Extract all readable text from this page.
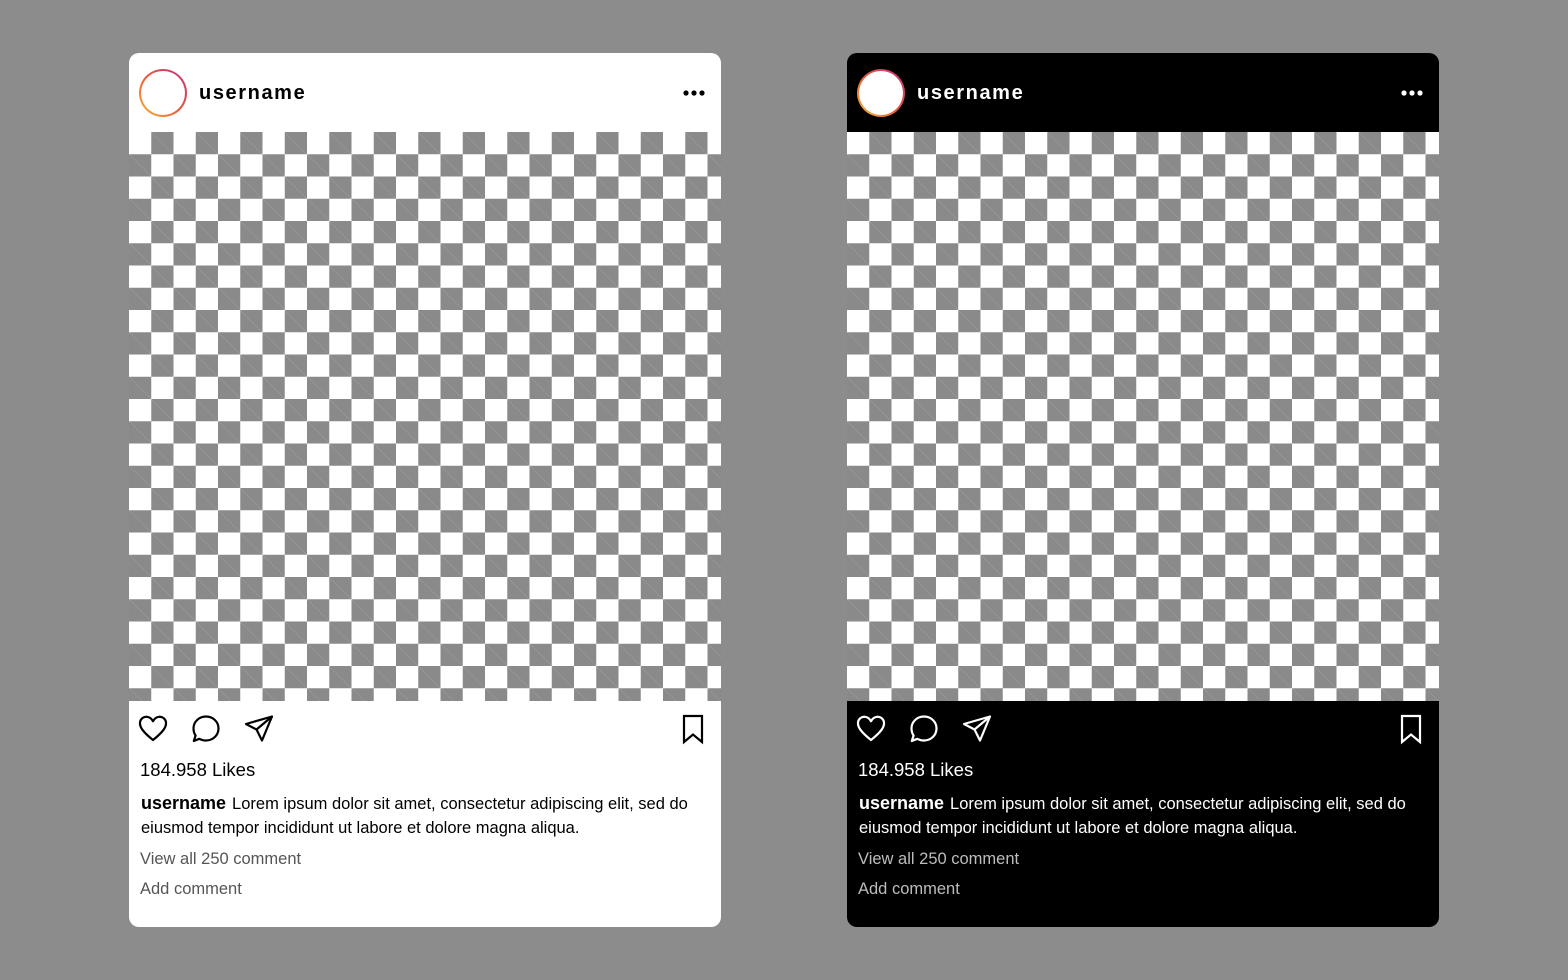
username
184.958 Likes
username Lorem ipsum dolor sit amet, consectetur adipiscing elit, sed do eiusmod tempor incididunt ut labore et dolore magna aliqua.
View all 250 comment
Add comment
username
184.958 Likes
username Lorem ipsum dolor sit amet, consectetur adipiscing elit, sed do eiusmod tempor incididunt ut labore et dolore magna aliqua.
View all 250 comment
Add comment
